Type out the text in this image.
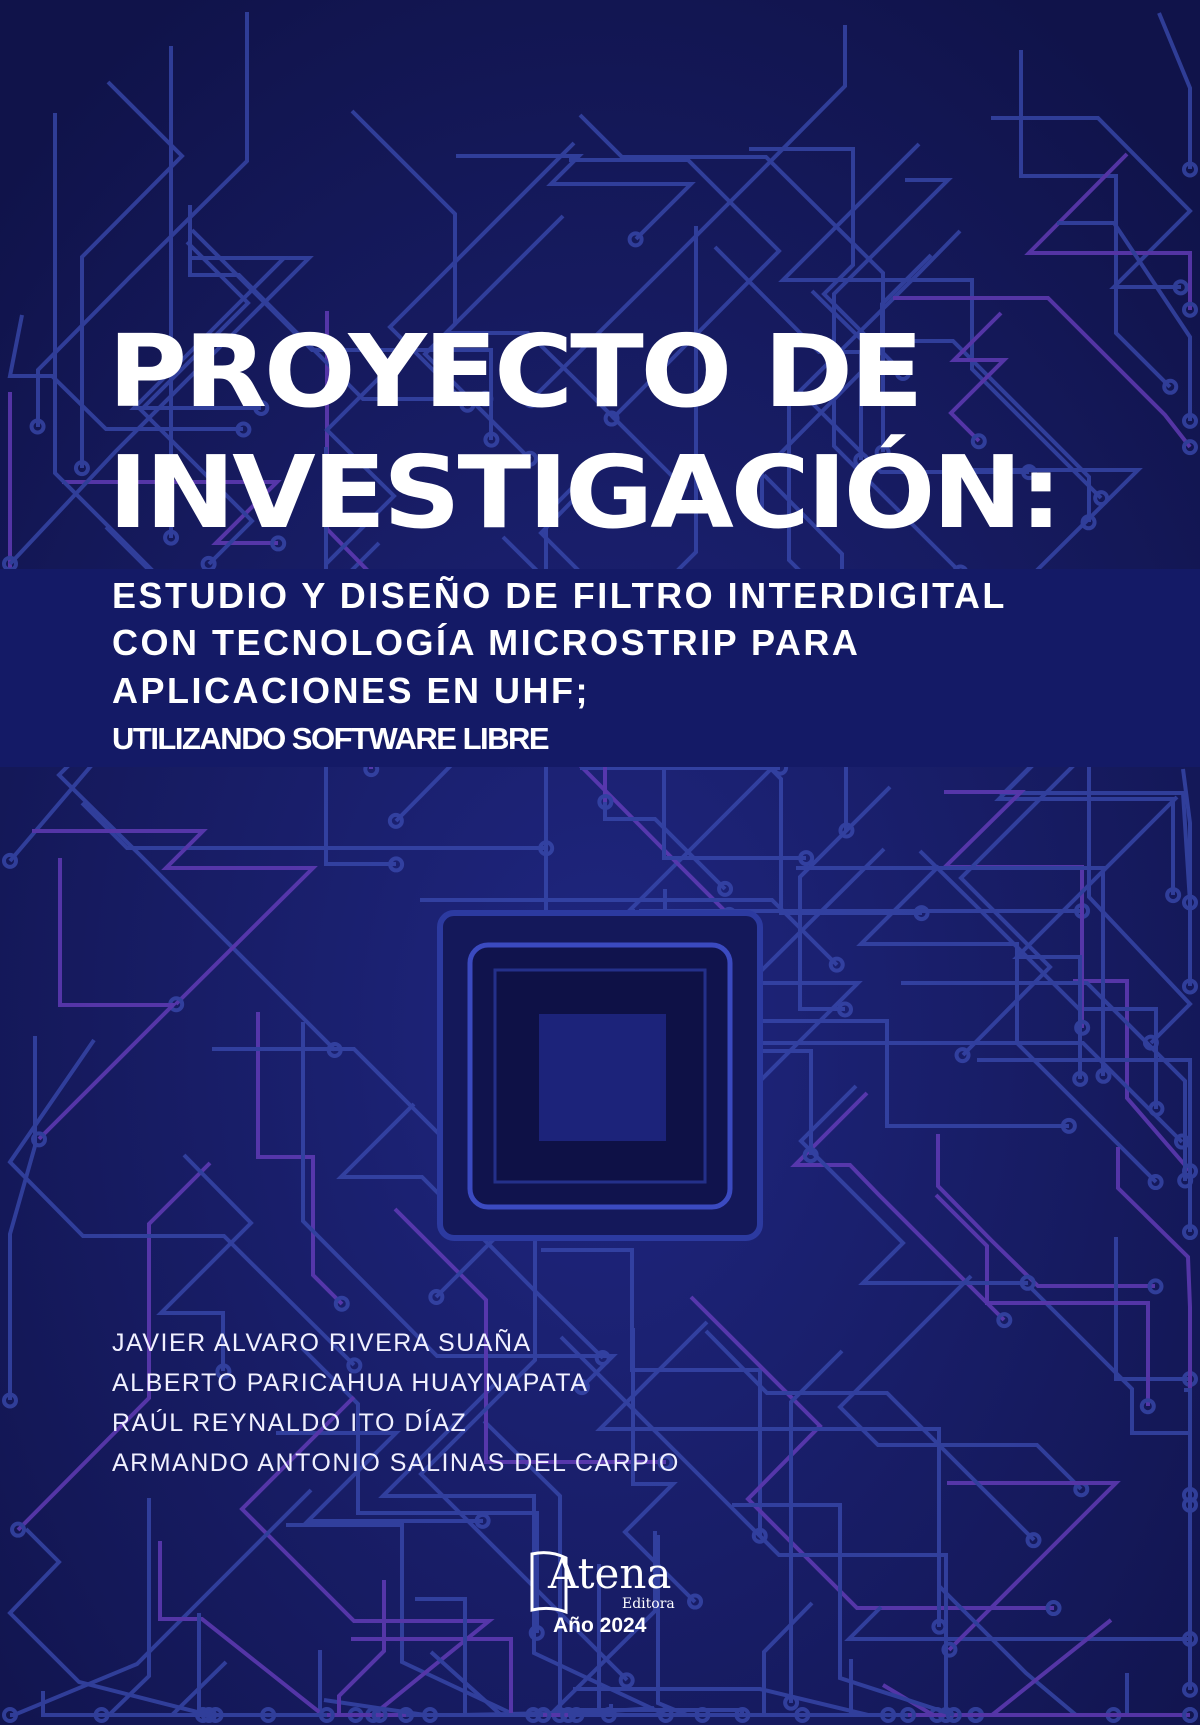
PROYECTO DE
INVESTIGACIÓN:
ESTUDIO Y DISEÑO DE FILTRO INTERDIGITAL
CON TECNOLOGÍA MICROSTRIP PARA
APLICACIONES EN UHF;
UTILIZANDO SOFTWARE LIBRE
JAVIER ALVARO RIVERA SUAÑA
ALBERTO PARICAHUA HUAYNAPATA
RAÚL REYNALDO ITO DÍAZ
ARMANDO ANTONIO SALINAS DEL CARPIO
Atena
Editora
Año 2024
